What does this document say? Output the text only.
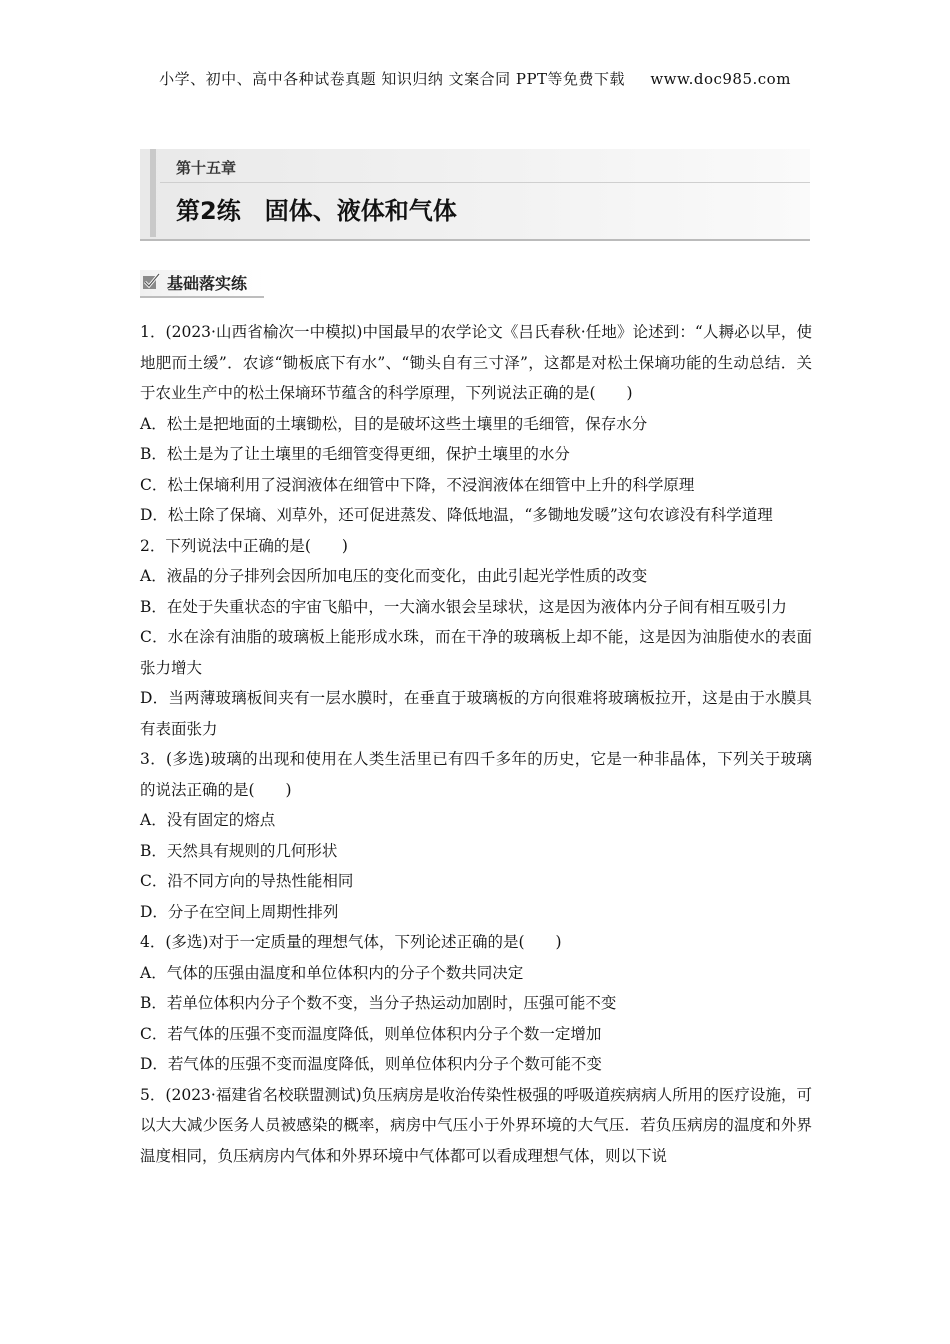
小学、初中、高中各种试卷真题 知识归纳 文案合同 PPT等免费下载 www.doc985.com
第十五章
第2练　固体、液体和气体
基础落实练

1．(2023·山西省榆次一中模拟)中国最早的农学论文《吕氏春秋·任地》论述到：“人耨必以早，使地肥而土缓”．农谚“锄板底下有水”、“锄头自有三寸泽”，这都是对松土保墒功能的生动总结．关于农业生产中的松土保墒环节蕴含的科学原理，下列说法正确的是(　　)

A．松土是把地面的土壤锄松，目的是破坏这些土壤里的毛细管，保存水分

B．松土是为了让土壤里的毛细管变得更细，保护土壤里的水分

C．松土保墒利用了浸润液体在细管中下降，不浸润液体在细管中上升的科学原理

D．松土除了保墒、刈草外，还可促进蒸发、降低地温，“多锄地发暖”这句农谚没有科学道理

2．下列说法中正确的是(　　)

A．液晶的分子排列会因所加电压的变化而变化，由此引起光学性质的改变

B．在处于失重状态的宇宙飞船中，一大滴水银会呈球状，这是因为液体内分子间有相互吸引力

C．水在涂有油脂的玻璃板上能形成水珠，而在干净的玻璃板上却不能，这是因为油脂使水的表面张力增大

D．当两薄玻璃板间夹有一层水膜时，在垂直于玻璃板的方向很难将玻璃板拉开，这是由于水膜具有表面张力

3．(多选)玻璃的出现和使用在人类生活里已有四千多年的历史，它是一种非晶体，下列关于玻璃的说法正确的是(　　)

A．没有固定的熔点

B．天然具有规则的几何形状

C．沿不同方向的导热性能相同

D．分子在空间上周期性排列

4．(多选)对于一定质量的理想气体，下列论述正确的是(　　)

A．气体的压强由温度和单位体积内的分子个数共同决定

B．若单位体积内分子个数不变，当分子热运动加剧时，压强可能不变

C．若气体的压强不变而温度降低，则单位体积内分子个数一定增加

D．若气体的压强不变而温度降低，则单位体积内分子个数可能不变

5．(2023·福建省名校联盟测试)负压病房是收治传染性极强的呼吸道疾病病人所用的医疗设施，可以大大减少医务人员被感染的概率，病房中气压小于外界环境的大气压．若负压病房的温度和外界温度相同，负压病房内气体和外界环境中气体都可以看成理想气体，则以下说
